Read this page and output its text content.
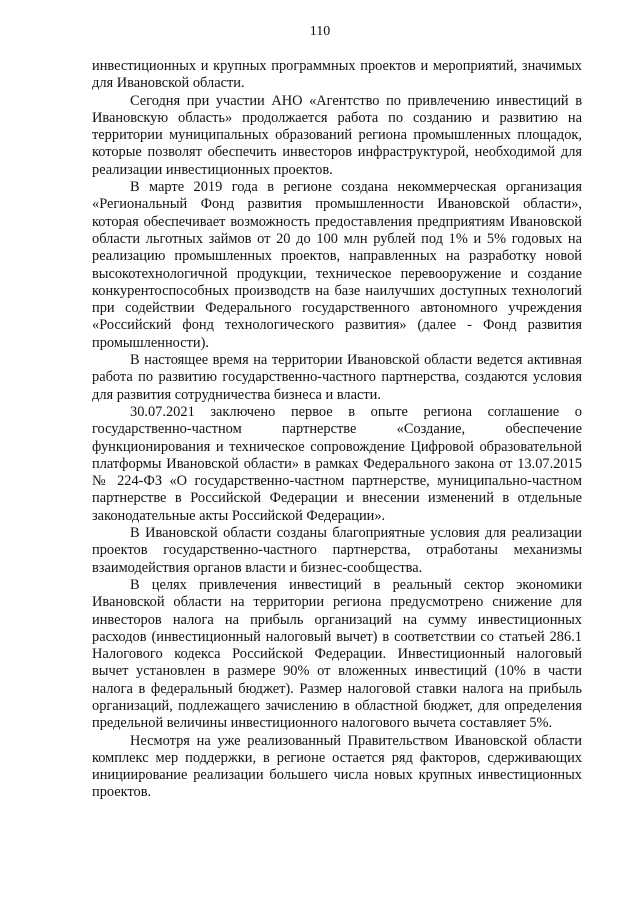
110

инвестиционных и крупных программных проектов и мероприятий, значимых для Ивановской области.

Сегодня при участии АНО «Агентство по привлечению инвестиций в Ивановскую область» продолжается работа по созданию и развитию на территории муниципальных образований региона промышленных площадок, которые позволят обеспечить инвесторов инфраструктурой, необходимой для реализации инвестиционных проектов.

В марте 2019 года в регионе создана некоммерческая организация «Региональный Фонд развития промышленности Ивановской области», которая обеспечивает возможность предоставления предприятиям Ивановской области льготных займов от 20 до 100 млн рублей под 1% и 5% годовых на реализацию промышленных проектов, направленных на разработку новой высокотехнологичной продукции, техническое перевооружение и создание конкурентоспособных производств на базе наилучших доступных технологий при содействии Федерального государственного автономного учреждения «Российский фонд технологического развития» (далее - Фонд развития промышленности).

В настоящее время на территории Ивановской области ведется активная работа по развитию государственно-частного партнерства, создаются условия для развития сотрудничества бизнеса и власти.

30.07.2021 заключено первое в опыте региона соглашение о государственно-частном партнерстве «Создание, обеспечение функционирования и техническое сопровождение Цифровой образовательной платформы Ивановской области» в рамках Федерального закона от 13.07.2015 № 224-ФЗ «О государственно-частном партнерстве, муниципально-частном партнерстве в Российской Федерации и внесении изменений в отдельные законодательные акты Российской Федерации».

В Ивановской области созданы благоприятные условия для реализации проектов государственно-частного партнерства, отработаны механизмы взаимодействия органов власти и бизнес-сообщества.

В целях привлечения инвестиций в реальный сектор экономики Ивановской области на территории региона предусмотрено снижение для инвесторов налога на прибыль организаций на сумму инвестиционных расходов (инвестиционный налоговый вычет) в соответствии со статьей 286.1 Налогового кодекса Российской Федерации. Инвестиционный налоговый вычет установлен в размере 90% от вложенных инвестиций (10% в части налога в федеральный бюджет). Размер налоговой ставки налога на прибыль организаций, подлежащего зачислению в областной бюджет, для определения предельной величины инвестиционного налогового вычета составляет 5%.

Несмотря на уже реализованный Правительством Ивановской области комплекс мер поддержки, в регионе остается ряд факторов, сдерживающих инициирование реализации большего числа новых крупных инвестиционных проектов.
